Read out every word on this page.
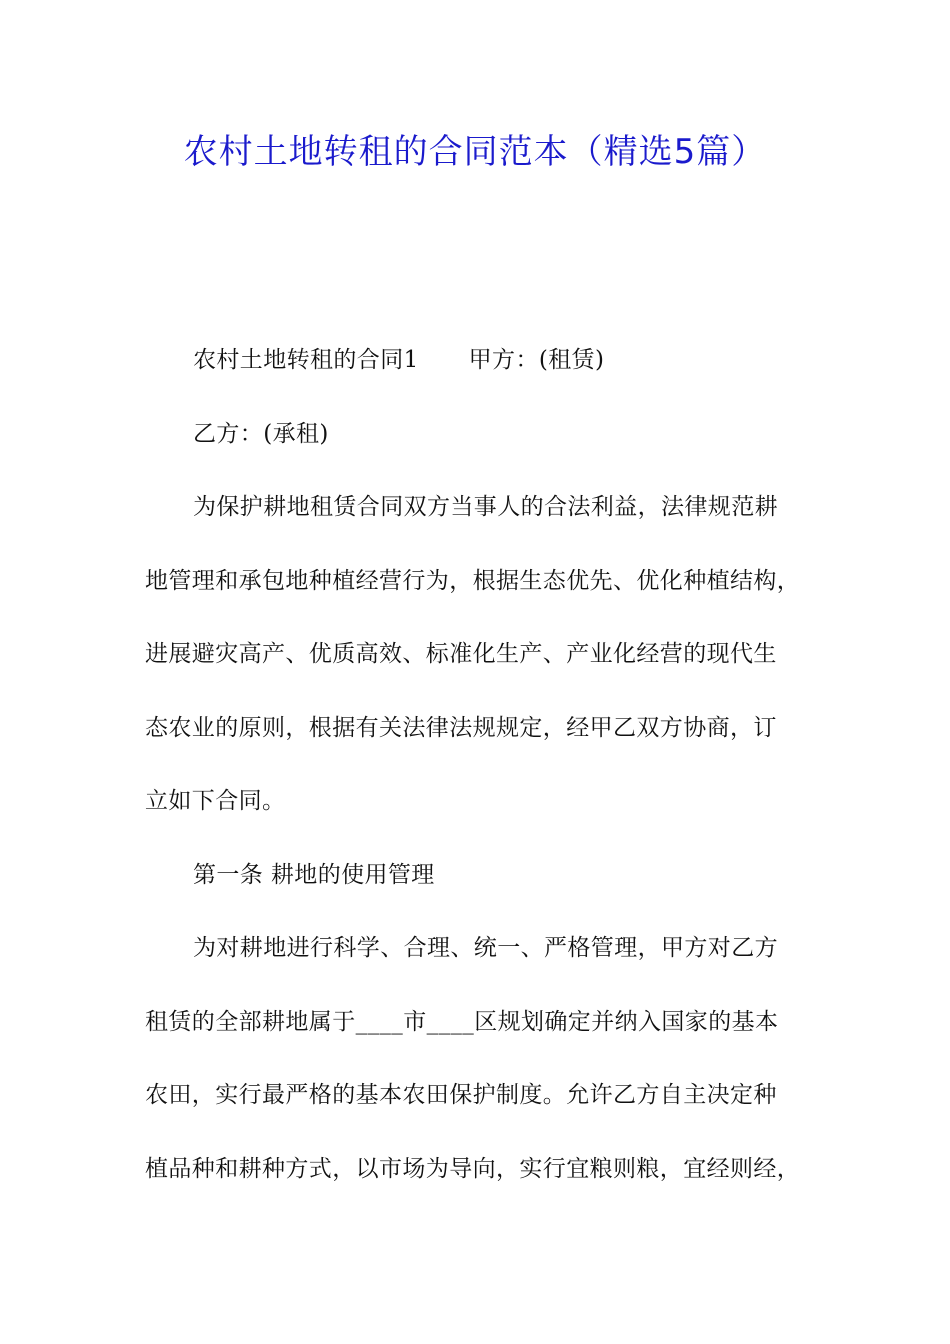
农村土地转租的合同范本（精选5篇）
农村土地转租的合同1 甲方：(租赁)
乙方：(承租)
为保护耕地租赁合同双方当事人的合法利益，法律规范耕
地管理和承包地种植经营行为，根据生态优先、优化种植结构，
进展避灾高产、优质高效、标准化生产、产业化经营的现代生
态农业的原则，根据有关法律法规规定，经甲乙双方协商，订
立如下合同。
第一条 耕地的使用管理
为对耕地进行科学、合理、统一、严格管理，甲方对乙方
租赁的全部耕地属于____市____区规划确定并纳入国家的基本
农田，实行最严格的基本农田保护制度。允许乙方自主决定种
植品种和耕种方式，以市场为导向，实行宜粮则粮，宜经则经，
